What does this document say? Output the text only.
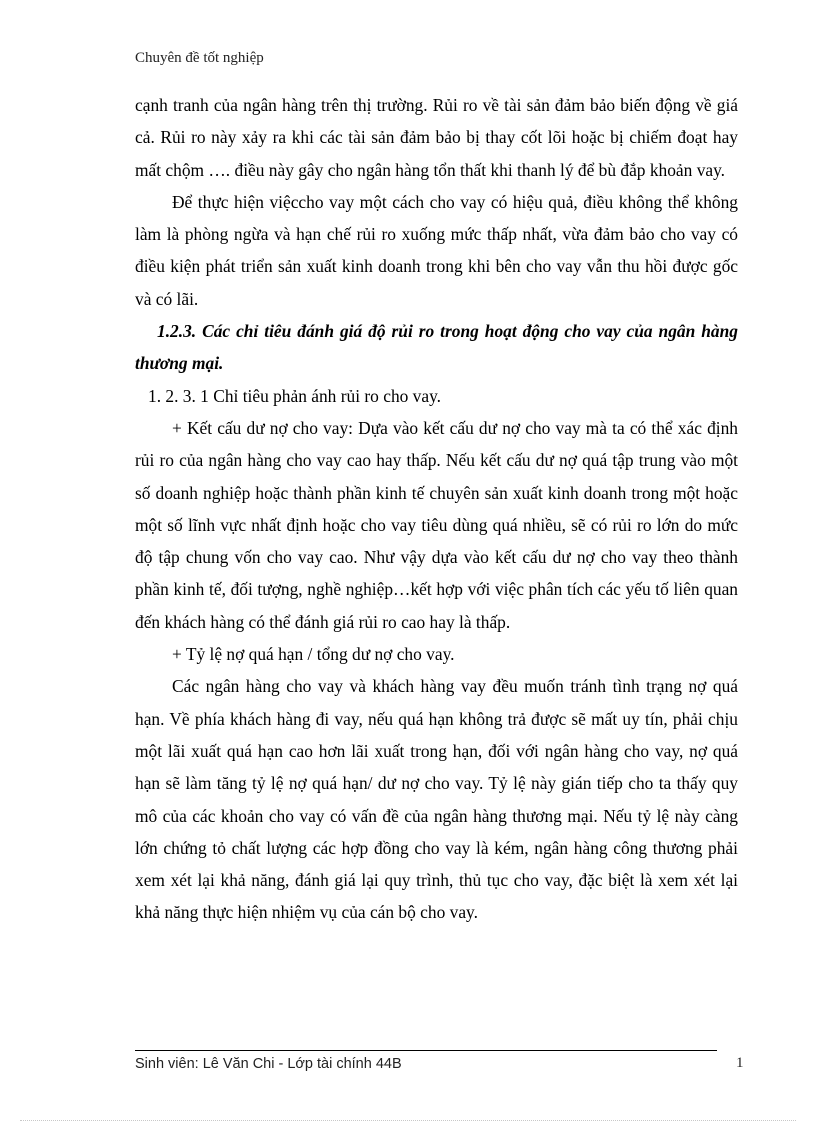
Chuyên đề tốt nghiệp

cạnh tranh của ngân hàng trên thị trường. Rủi ro về tài sản đảm bảo biến động về giá cả. Rủi ro này xảy ra khi các tài sản đảm bảo bị thay cốt lõi hoặc bị chiếm đoạt hay mất chộm …. điều này gây cho ngân hàng tổn thất khi thanh lý để bù đắp khoản vay.

Để thực hiện việccho vay một cách cho vay có hiệu quả, điều không thể không làm là phòng ngừa và hạn chế rủi ro xuống mức thấp nhất, vừa đảm bảo cho vay có điều kiện phát triển sản xuất kinh doanh trong khi bên cho vay vẫn thu hồi được gốc và có lãi.

1.2.3. Các chỉ tiêu đánh giá độ rủi ro trong hoạt động cho vay của ngân hàng thương mại.

1. 2. 3. 1 Chỉ tiêu phản ánh rủi ro cho vay.

+ Kết cấu dư nợ cho vay: Dựa vào kết cấu dư nợ cho vay mà ta có thể xác định rủi ro của ngân hàng cho vay cao hay thấp. Nếu kết cấu dư nợ quá tập trung vào một số doanh nghiệp hoặc thành phần kinh tế chuyên sản xuất kinh doanh trong một hoặc một số lĩnh vực nhất định hoặc cho vay tiêu dùng quá nhiều, sẽ có rủi ro lớn do mức độ tập chung vốn cho vay cao. Như vậy dựa vào kết cấu dư nợ cho vay theo thành phần kinh tế, đối tượng, nghề nghiệp…kết hợp với việc phân tích các yếu tố liên quan đến khách hàng có thể đánh giá rủi ro cao hay là thấp.

+ Tỷ lệ nợ quá hạn / tổng dư nợ cho vay.

Các ngân hàng cho vay và khách hàng vay đều muốn tránh tình trạng nợ quá hạn. Về phía khách hàng đi vay, nếu quá hạn không trả được sẽ mất uy tín, phải chịu một lãi xuất quá hạn cao hơn lãi xuất trong hạn, đối với ngân hàng cho vay, nợ quá hạn sẽ làm tăng tỷ lệ nợ quá hạn/ dư nợ cho vay. Tỷ lệ này gián tiếp cho ta thấy quy mô của các khoản cho vay có vấn đề của ngân hàng thương mại. Nếu tỷ lệ này càng lớn chứng tỏ chất lượng các hợp đồng cho vay là kém, ngân hàng công thương phải xem xét lại khả năng, đánh giá lại quy trình, thủ tục cho vay, đặc biệt là xem xét lại khả năng thực hiện nhiệm vụ của cán bộ cho vay.

Sinh viên: Lê Văn Chi - Lớp tài chính 44B	1
